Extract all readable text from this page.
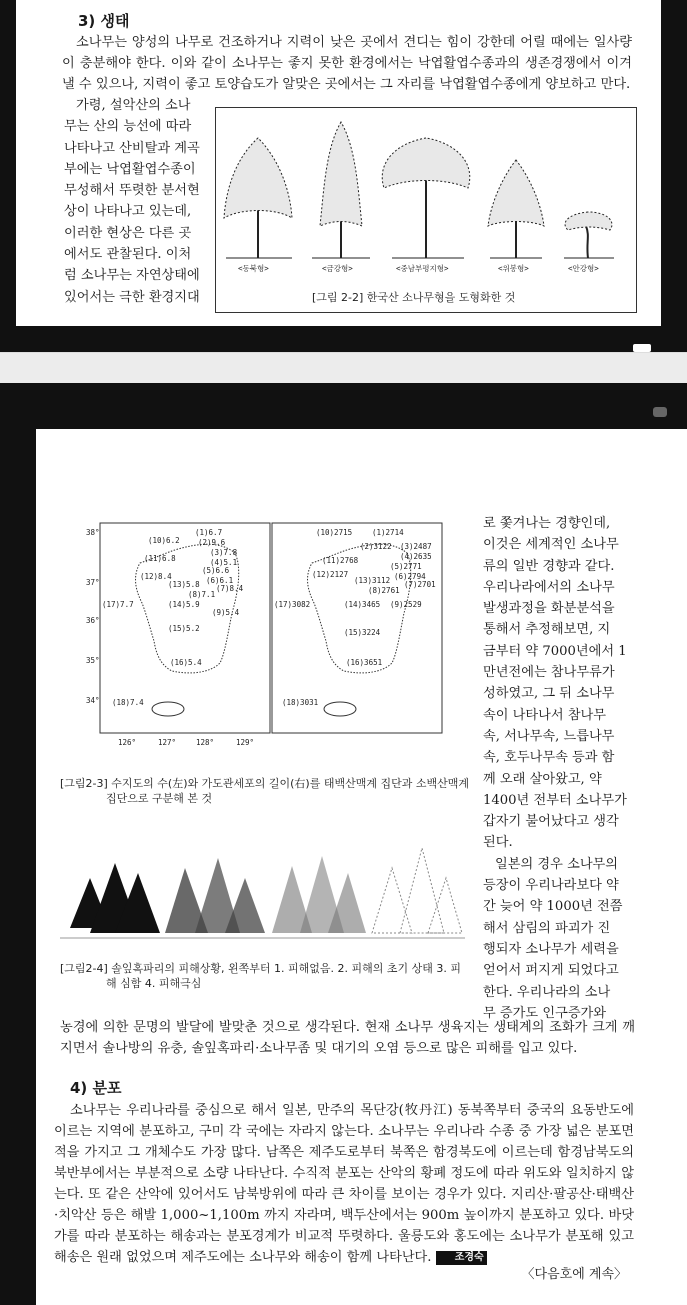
3) 생태

소나무는 양성의 나무로 건조하거나 지력이 낮은 곳에서 견디는 힘이 강한데 어릴 때에는 일사량이 충분해야 한다. 이와 같이 소나무는 좋지 못한 환경에서는 낙엽활엽수종과의 생존경쟁에서 이겨낼 수 있으나, 지력이 좋고 토양습도가 알맞은 곳에서는 그 자리를 낙엽활엽수종에게 양보하고 만다.

가령, 설악산의 소나
무는 산의 능선에 따라
나타나고 산비탈과 계곡
부에는 낙엽활엽수종이
무성해서 뚜렷한 분서현
상이 나타나고 있는데,
이러한 현상은 다른 곳
에서도 관찰된다. 이처
럼 소나무는 자연상태에
있어서는 극한 환경지대
<동북형>	<금강형>	<중남부평지형>	<위봉형>	<안강형>
[그림 2-2] 한국산 소나무형을 도형화한 것
(1)6.7
(2)9.6
(10)6.2
(3)7.8
(4)5.1
(11)6.8
(5)6.6
(12)8.4	(6)6.1
(13)5.8 (7)8.4
(8)7.1
(17)7.7	(14)5.9
(9)5.4
(15)5.2
(16)5.4
(18)7.4
(1)2714
(10)2715
(2)3122 (3)2487
(4)2635
(11)2768
(5)2771
(12)2127	(6)2794
(13)3112 (7)2701
(8)2761
(17)3082	(14)3465 (9)2529
(15)3224
(16)3651
(18)3031
38°
37°
36°
35°
34°
126°	127°	128°	129°
[그림2-3] 수지도의 수(左)와 가도관세포의 길이(右)를 태백산맥계 집단과 소백산맥계
집단으로 구분해 본 것
[그림2-4] 솔잎혹파리의 피해상황, 왼쪽부터 1. 피해없음. 2. 피해의 초기 상태 3. 피
해 심함 4. 피해극심
로 쫓겨나는 경향인데,
이것은 세계적인 소나무
류의 일반 경향과 같다.
우리나라에서의 소나무
발생과정을 화분분석을
통해서 추정해보면, 지
금부터 약 7000년에서 1
만년전에는 참나무류가
성하였고, 그 뒤 소나무
속이 나타나서 참나무
속, 서나무속, 느릅나무
속, 호두나무속 등과 함
께 오래 살아왔고, 약
1400년 전부터 소나무가
갑자기 불어났다고 생각
된다.
일본의 경우 소나무의
등장이 우리나라보다 약
간 늦어 약 1000년 전쯤
해서 삼림의 파괴가 진
행되자 소나무가 세력을
얻어서 퍼지게 되었다고
한다. 우리나라의 소나
무 증가도 인구증가와

농경에 의한 문명의 발달에 발맞춘 것으로 생각된다. 현재 소나무 생육지는 생태계의 조화가 크게 깨지면서 솔나방의 유충, 솔잎혹파리·소나무좀 및 대기의 오염 등으로 많은 피해를 입고 있다.

4) 분포

소나무는 우리나라를 중심으로 해서 일본, 만주의 목단강(牧丹江) 동북쪽부터 중국의 요동반도에 이르는 지역에 분포하고, 구미 각 국에는 자라지 않는다. 소나무는 우리나라 수종 중 가장 넓은 분포면적을 가지고 그 개체수도 가장 많다. 남쪽은 제주도로부터 북쪽은 함경북도에 이르는데 함경남북도의 북반부에서는 부분적으로 소량 나타난다. 수직적 분포는 산악의 황폐 정도에 따라 위도와 일치하지 않는다. 또 같은 산악에 있어서도 남북방위에 따라 큰 차이를 보이는 경우가 있다. 지리산·팔공산·태백산·치악산 등은 해발 1,000~1,100m 까지 자라며, 백두산에서는 900m 높이까지 분포하고 있다. 바닷가를 따라 분포하는 해송과는 분포경계가 비교적 뚜렷하다. 울릉도와 홍도에는 소나무가 분포해 있고 해송은 원래 없었으며 제주도에는 소나무와 해송이 함께 나타난다. 조경숙

〈다음호에 계속〉
